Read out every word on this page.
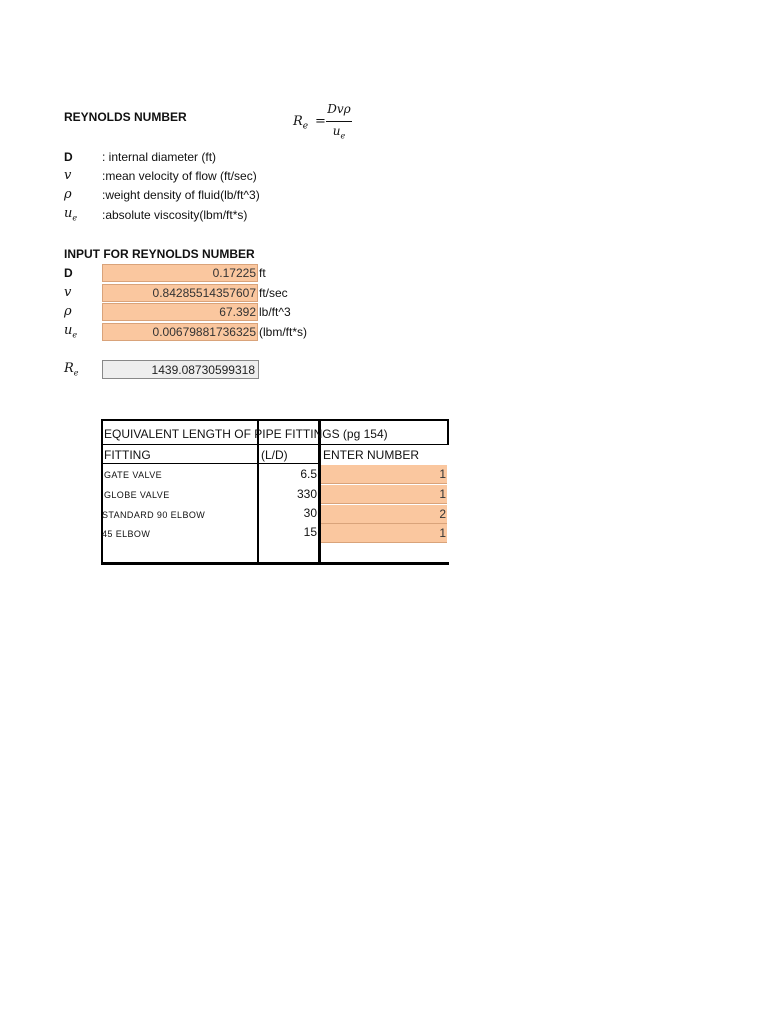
REYNOLDS NUMBER	$R_e$ =
Dvρ
$u_e$
D	: internal diameter (ft)
v	:mean velocity of flow (ft/sec)
ρ	:weight density of fluid(lb/ft^3)
$u_e$	:absolute viscosity(lbm/ft*s)
INPUT FOR REYNOLDS NUMBER
D	0.17225 ft
v	0.84285514357607 ft/sec
ρ	67.392 lb/ft^3
$u_e$	0.00679881736325 (lbm/ft*s)
$R_e$	1439.08730599318
EQUIVALENT LENGTH OF PIPE FITTINGS (pg 154)
FITTING	(L/D)	ENTER NUMBER
GATE VALVE	6.5	1
GLOBE VALVE	330	1
STANDARD 90 ELBOW	30	2
45 ELBOW	15	1
